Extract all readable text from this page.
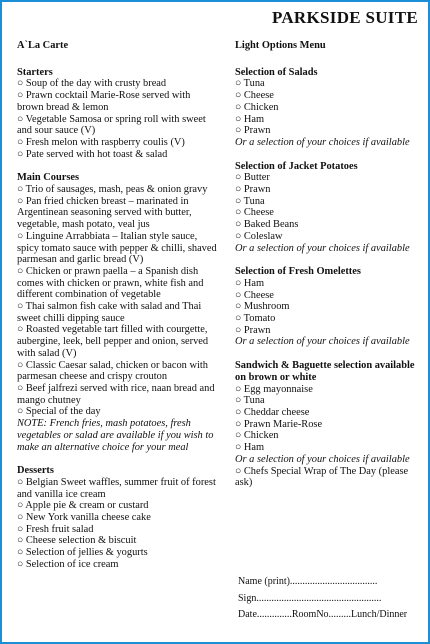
PARKSIDE SUITE
A`La Carte
Starters
○ Soup of the day with crusty bread
○ Prawn cocktail Marie-Rose served with brown bread & lemon
○ Vegetable Samosa or spring roll with sweet and sour sauce (V)
○ Fresh melon with raspberry coulis (V)
○ Pate served with hot toast & salad
Main Courses
○ Trio of sausages, mash, peas & onion gravy
○ Pan fried chicken breast – marinated in Argentinean seasoning served with butter, vegetable, mash potato, veal jus
○ Linguine Arrabbiata – Italian style sauce, spicy tomato sauce with pepper & chilli, shaved parmesan and garlic bread (V)
○ Chicken or prawn paella – a Spanish dish comes with chicken or prawn, white fish and different combination of vegetable
○ Thai salmon fish cake with salad and Thai sweet chilli dipping sauce
○ Roasted vegetable tart filled with courgette, aubergine, leek, bell pepper and onion, served with salad (V)
○ Classic Caesar salad, chicken or bacon with parmesan cheese and crispy crouton
○ Beef jalfrezi served with rice, naan bread and mango chutney
○ Special of the day
NOTE: French fries, mash potatoes, fresh vegetables or salad are available if you wish to make an alternative choice for your meal
Desserts
○ Belgian Sweet waffles, summer fruit of forest and vanilla ice cream
○ Apple pie & cream or custard
○ New York vanilla cheese cake
○ Fresh fruit salad
○ Cheese selection & biscuit
○ Selection of jellies & yogurts
○ Selection of ice cream
Light Options Menu
Selection of Salads
○ Tuna
○ Cheese
○ Chicken
○ Ham
○ Prawn
Or a selection of your choices if available
Selection of Jacket Potatoes
○ Butter
○ Prawn
○ Tuna
○ Cheese
○ Baked Beans
○ Coleslaw
Or a selection of your choices if available
Selection of Fresh Omelettes
○ Ham
○ Cheese
○ Mushroom
○ Tomato
○ Prawn
Or a selection of your choices if available
Sandwich & Baguette selection available on brown or white
○ Egg mayonnaise
○ Tuna
○ Cheddar cheese
○ Prawn Marie-Rose
○ Chicken
○ Ham
Or a selection of your choices if available
○ Chefs Special Wrap of The Day (please ask)
Name (print)...................................
Sign..................................................
Date..............RoomNo.........Lunch/Dinner
